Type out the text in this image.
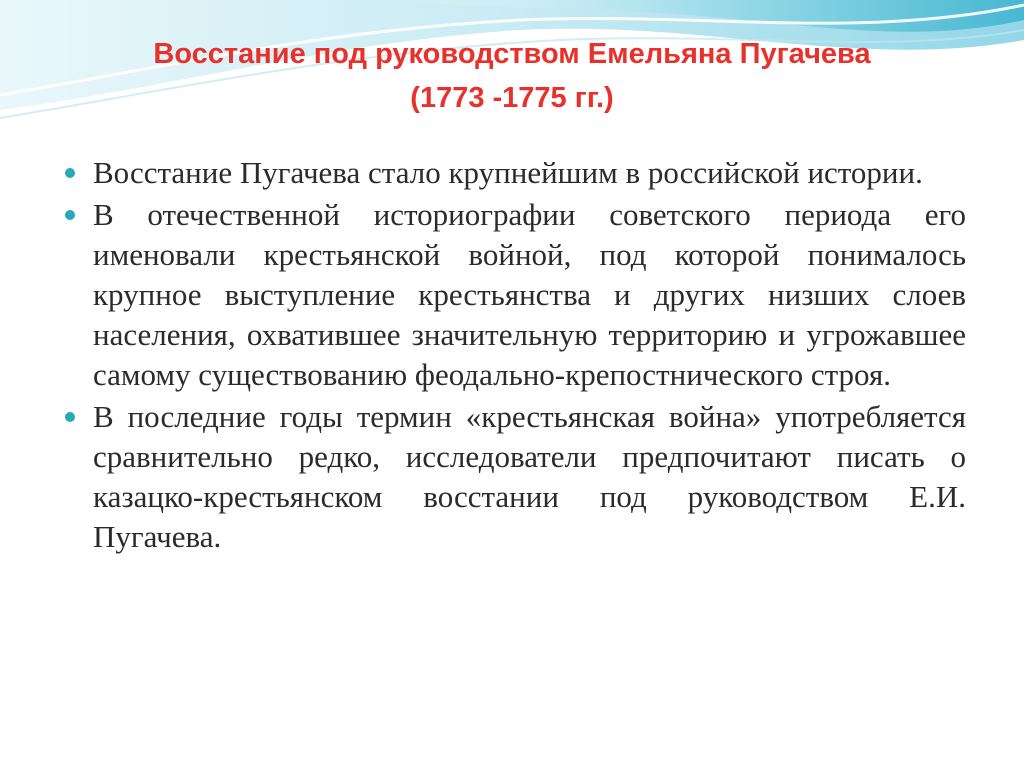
Восстание под руководством Емельяна Пугачева
(1773 -1775 гг.)
Восстание Пугачева стало крупнейшим в российской истории.
В отечественной историографии советского периода его именовали крестьянской войной, под которой понималось крупное выступление крестьянства и других низших слоев населения, охватившее значительную территорию и угрожавшее самому существованию феодально-крепостнического строя.
В последние годы термин «крестьянская война» употребляется сравнительно редко, исследователи предпочитают писать о казацко-крестьянском восстании под руководством Е.И. Пугачева.
